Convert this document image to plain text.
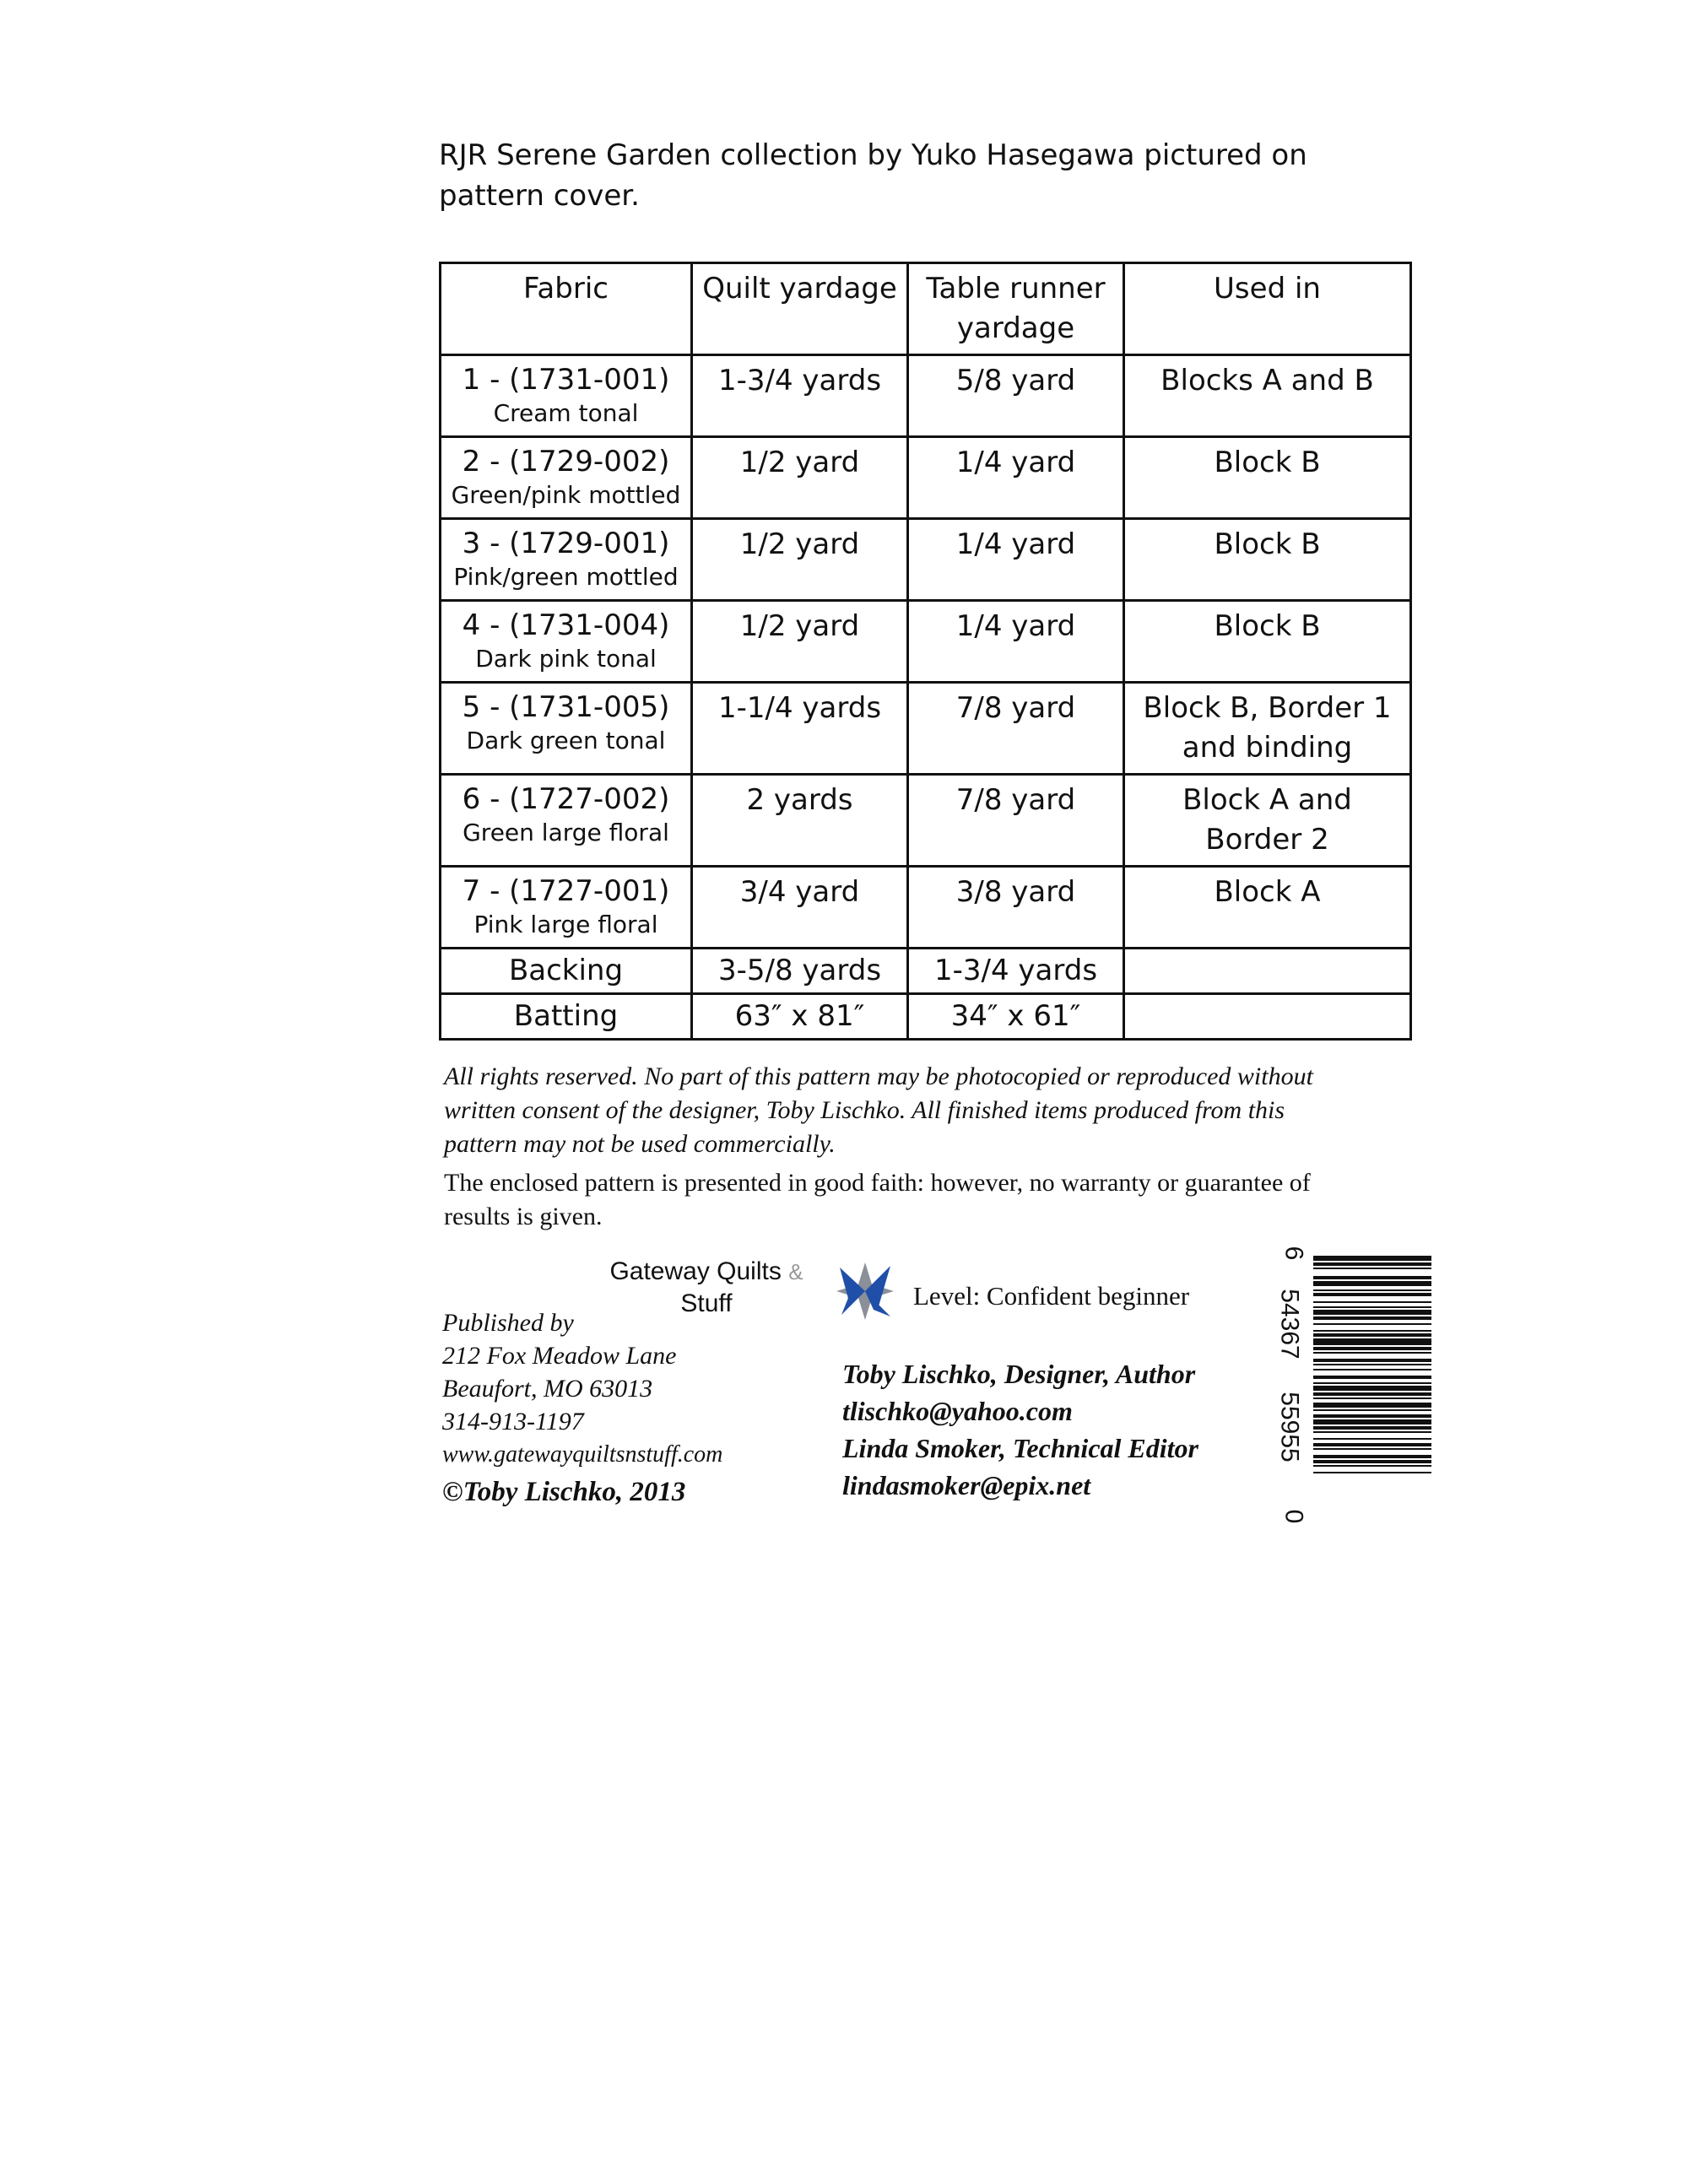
RJR Serene Garden collection by Yuko Hasegawa pictured on pattern cover.
Fabric	Quilt yardage	Table runner yardage	Used in

1 - (1731-001)
Cream tonal	1-3/4 yards	5/8 yard	Blocks A and B

2 - (1729-002)
Green/pink mottled	1/2 yard	1/4 yard	Block B

3 - (1729-001)
Pink/green mottled	1/2 yard	1/4 yard	Block B

4 - (1731-004)
Dark pink tonal	1/2 yard	1/4 yard	Block B

5 - (1731-005)
Dark green tonal	1-1/4 yards	7/8 yard	Block B, Border 1 and binding

6 - (1727-002)
Green large floral	2 yards	7/8 yard	Block A and Border 2

7 - (1727-001)
Pink large floral	3/4 yard	3/8 yard	Block A
Backing	3-5/8 yards	1-3/4 yards	
Batting	63″ x 81″	34″ x 61″	
All rights reserved. No part of this pattern may be photocopied or reproduced without written consent of the designer, Toby Lischko. All finished items produced from this pattern may not be used commercially.
The enclosed pattern is presented in good faith: however, no warranty or guarantee of results is given.
Gateway Quilts &
Stuff
Published by
212 Fox Meadow Lane
Beaufort, MO 63013
314-913-1197
www.gatewayquiltsnstuff.com
©Toby Lischko, 2013
Level: Confident beginner
Toby Lischko, Designer, Author
tlischko@yahoo.com
Linda Smoker, Technical Editor
lindasmoker@epix.net
6
54367
55955
0
